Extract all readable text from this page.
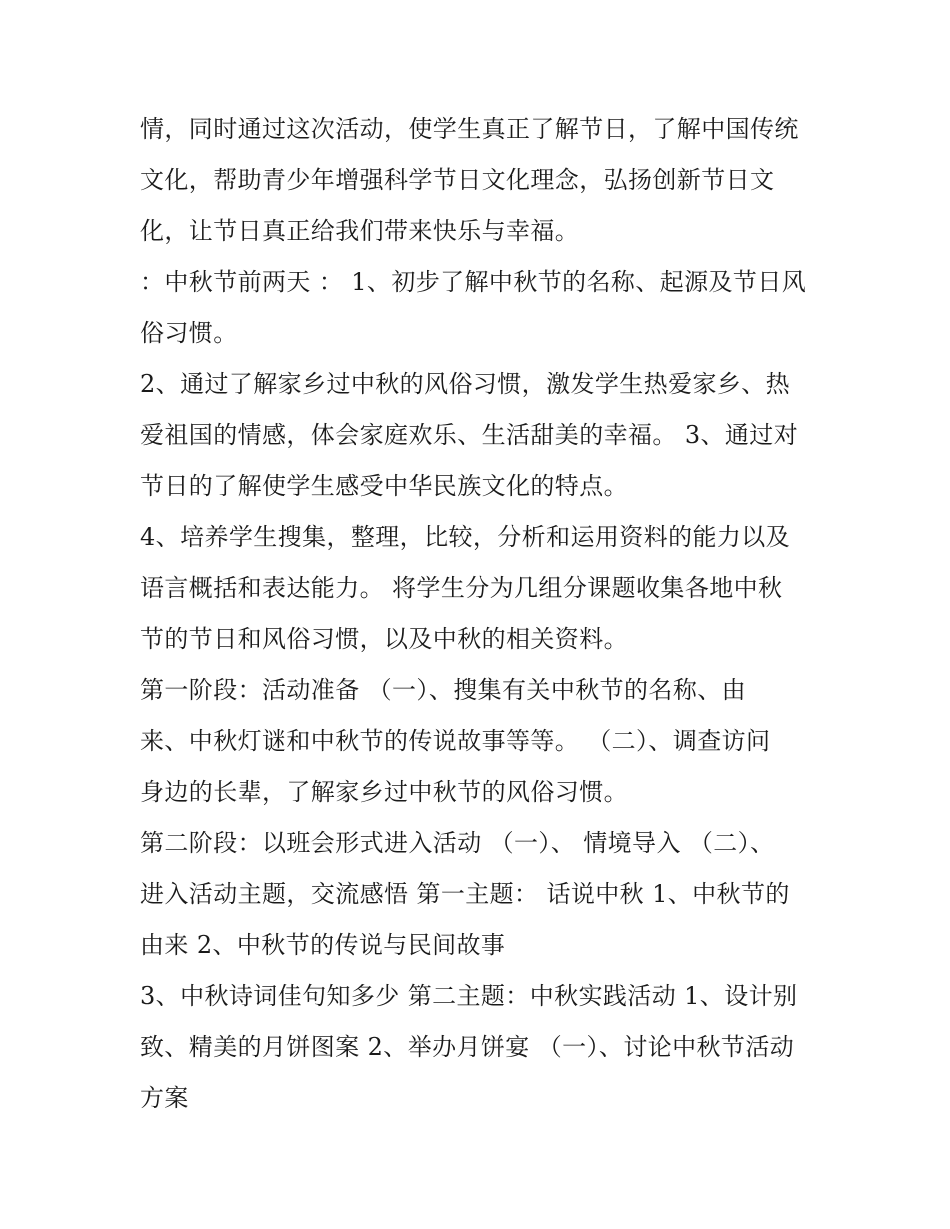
情，同时通过这次活动，使学生真正了解节日，了解中国传统

文化，帮助青少年增强科学节日文化理念，弘扬创新节日文

化，让节日真正给我们带来快乐与幸福。

：中秋节前两天 ： 1、初步了解中秋节的名称、起源及节日风

俗习惯。

2、通过了解家乡过中秋的风俗习惯，激发学生热爱家乡、热

爱祖国的情感，体会家庭欢乐、生活甜美的幸福。 3、通过对

节日的了解使学生感受中华民族文化的特点。

4、培养学生搜集，整理，比较，分析和运用资料的能力以及

语言概括和表达能力。 将学生分为几组分课题收集各地中秋

节的节日和风俗习惯，以及中秋的相关资料。

第一阶段：活动准备 （一）、搜集有关中秋节的名称、由

来、中秋灯谜和中秋节的传说故事等等。 （二）、调查访问

身边的长辈，了解家乡过中秋节的风俗习惯。

第二阶段：以班会形式进入活动 （一）、 情境导入 （二）、

进入活动主题，交流感悟 第一主题： 话说中秋 1、中秋节的

由来 2、中秋节的传说与民间故事

3、中秋诗词佳句知多少 第二主题：中秋实践活动 1、设计别

致、精美的月饼图案 2、举办月饼宴 （一）、讨论中秋节活动

方案
